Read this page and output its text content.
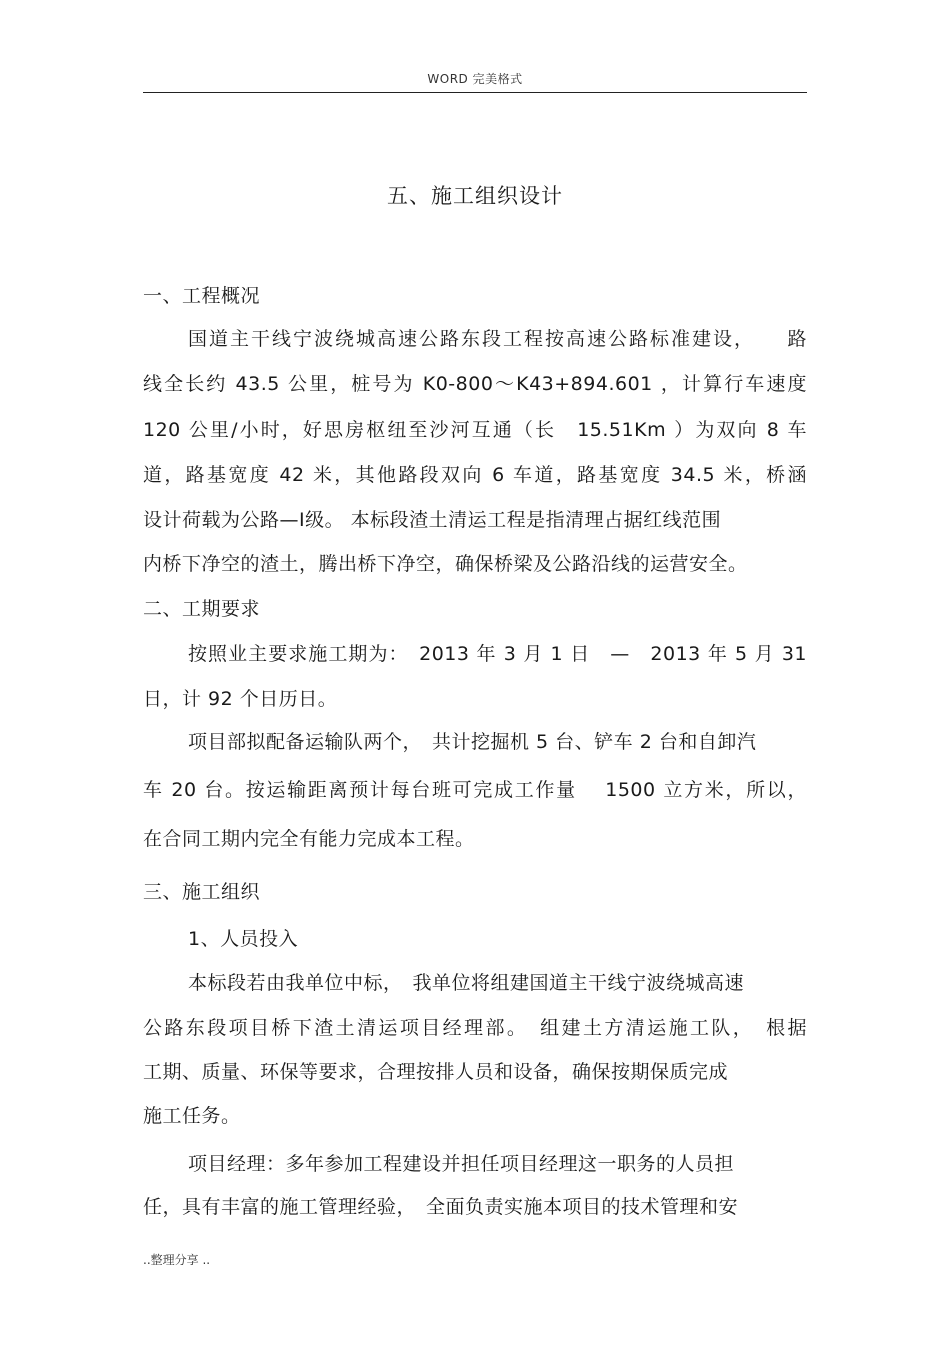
WORD 完美格式
五、施工组织设计
一、工程概况
国道主干线宁波绕城高速公路东段工程按高速公路标准建设，　　路
线全长约 43.5 公里，桩号为 K0-800～K43+894.601 ，计算行车速度
120 公里/小时，好思房枢纽至沙河互通（长　15.51Km ）为双向 8 车
道，路基宽度 42 米，其他路段双向 6 车道，路基宽度 34.5 米，桥涵
设计荷载为公路—Ⅰ级。 本标段渣土清运工程是指清理占据红线范围
内桥下净空的渣土，腾出桥下净空，确保桥梁及公路沿线的运营安全。
二、工期要求
按照业主要求施工期为：　2013 年 3 月 1 日　—　2013 年 5 月 31
日，计 92 个日历日。
项目部拟配备运输队两个，　共计挖掘机 5 台、铲车 2 台和自卸汽
车 20 台。按运输距离预计每台班可完成工作量　 1500 立方米，所以，
在合同工期内完全有能力完成本工程。
三、施工组织
1、人员投入
本标段若由我单位中标，　我单位将组建国道主干线宁波绕城高速
公路东段项目桥下渣土清运项目经理部。　组建土方清运施工队，　根据
工期、质量、环保等要求，合理按排人员和设备，确保按期保质完成
施工任务。
项目经理：多年参加工程建设并担任项目经理这一职务的人员担
任，具有丰富的施工管理经验，　全面负责实施本项目的技术管理和安
..整理分享 ..
